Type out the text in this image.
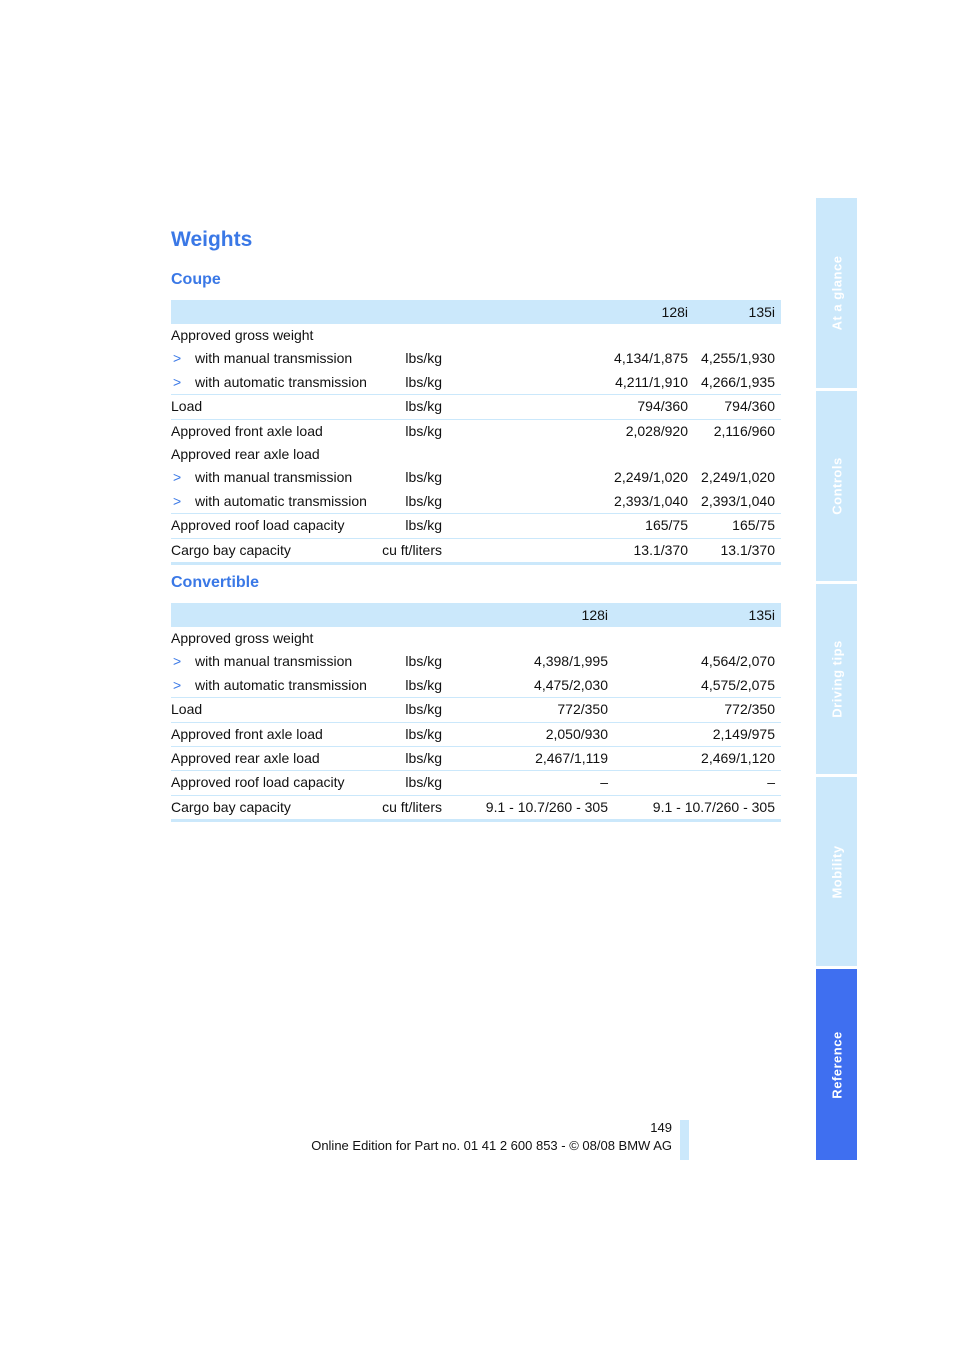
Weights
Coupe
128i	135i
Approved gross weight
> with manual transmission	lbs/kg	4,134/1,875 4,255/1,930
> with automatic transmission	lbs/kg	4,211/1,910 4,266/1,935
Load	lbs/kg	794/360	794/360
Approved front axle load	lbs/kg	2,028/920 2,116/960
Approved rear axle load
> with manual transmission	lbs/kg	2,249/1,020 2,249/1,020
> with automatic transmission	lbs/kg	2,393/1,040 2,393/1,040
Approved roof load capacity	lbs/kg	165/75	165/75
Cargo bay capacity	cu ft/liters	13.1/370 13.1/370
Convertible
128i	135i
Approved gross weight
> with manual transmission	lbs/kg	4,398/1,995	4,564/2,070
> with automatic transmission	lbs/kg	4,475/2,030	4,575/2,075
Load	lbs/kg	772/350	772/350
Approved front axle load	lbs/kg	2,050/930	2,149/975
Approved rear axle load	lbs/kg	2,467/1,119	2,469/1,120
Approved roof load capacity	lbs/kg	–	–
Cargo bay capacity	cu ft/liters	9.1 - 10.7/260 - 305	9.1 - 10.7/260 - 305
At a glance
Controls
Driving tips
Mobility
Reference
149
Online Edition for Part no. 01 41 2 600 853 - © 08/08 BMW AG
